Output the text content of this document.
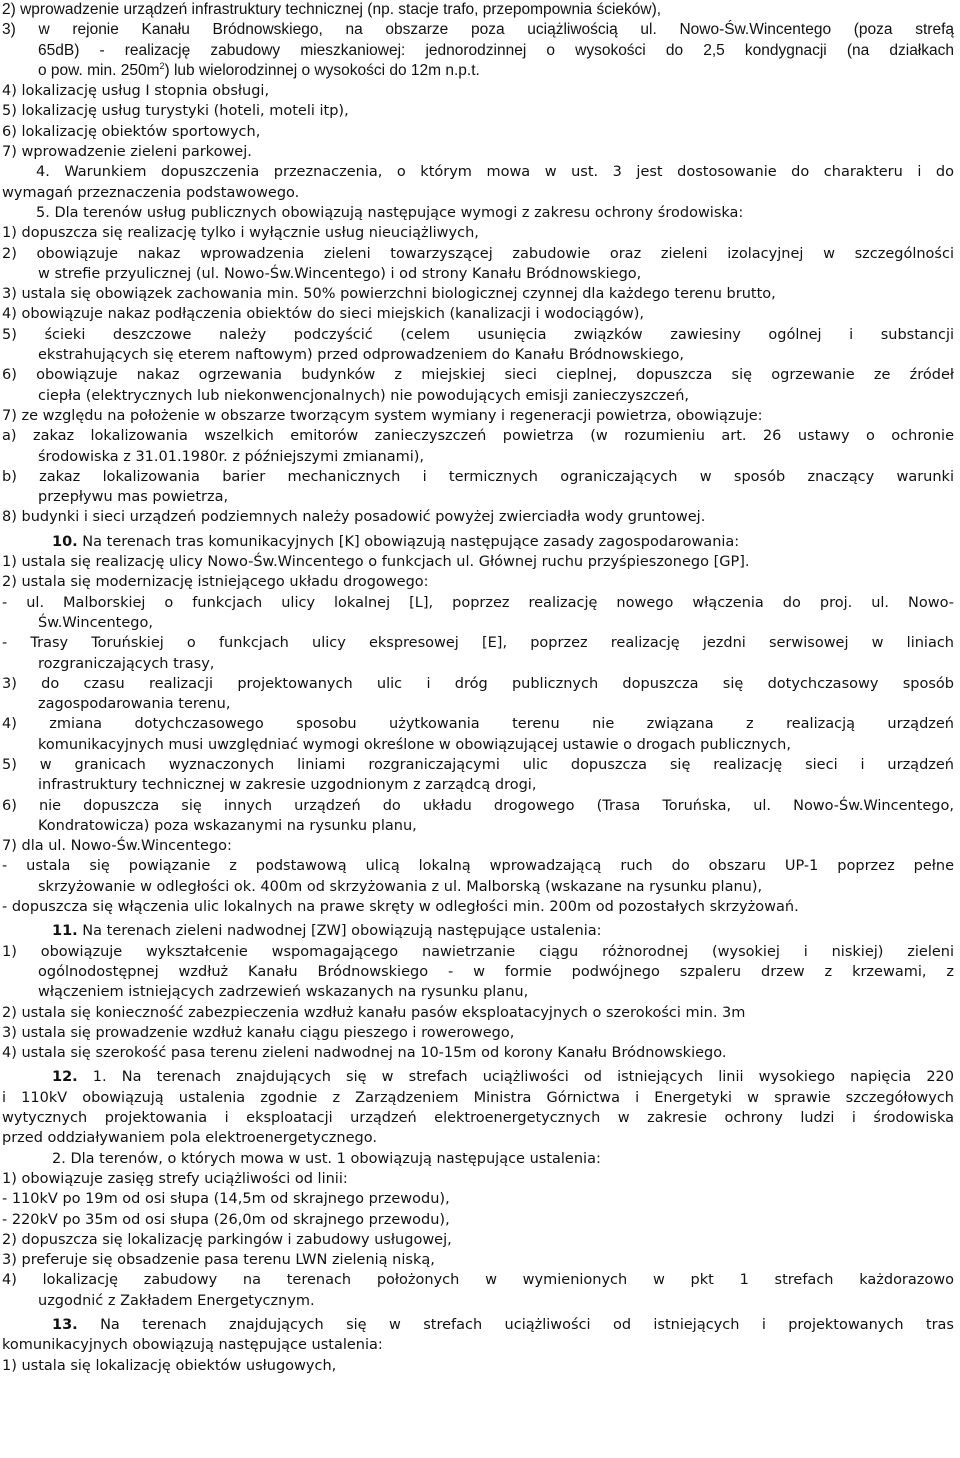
2) wprowadzenie urządzeń infrastruktury technicznej (np. stacje trafo, przepompownia ścieków),
3) w rejonie Kanału Bródnowskiego, na obszarze poza uciążliwością ul. Nowo-Św.Wincentego (poza strefą
65dB) - realizację zabudowy mieszkaniowej: jednorodzinnej o wysokości do 2,5 kondygnacji (na działkach
o pow. min. $250m^2$) lub wielorodzinnej o wysokości do 12m n.p.t.
4) lokalizację usług I stopnia obsługi,
5) lokalizację usług turystyki (hoteli, moteli itp),
6) lokalizację obiektów sportowych,
7) wprowadzenie zieleni parkowej.
4. Warunkiem dopuszczenia przeznaczenia, o którym mowa w ust. 3 jest dostosowanie do charakteru i do
wymagań przeznaczenia podstawowego.
5. Dla terenów usług publicznych obowiązują następujące wymogi z zakresu ochrony środowiska:
1) dopuszcza się realizację tylko i wyłącznie usług nieuciążliwych,
2) obowiązuje nakaz wprowadzenia zieleni towarzyszącej zabudowie oraz zieleni izolacyjnej w szczególności
w strefie przyulicznej (ul. Nowo-Św.Wincentego) i od strony Kanału Bródnowskiego,
3) ustala się obowiązek zachowania min. 50% powierzchni biologicznej czynnej dla każdego terenu brutto,
4) obowiązuje nakaz podłączenia obiektów do sieci miejskich (kanalizacji i wodociągów),
5) ścieki deszczowe należy podczyścić (celem usunięcia związków zawiesiny ogólnej i substancji
ekstrahujących się eterem naftowym) przed odprowadzeniem do Kanału Bródnowskiego,
6) obowiązuje nakaz ogrzewania budynków z miejskiej sieci cieplnej, dopuszcza się ogrzewanie ze źródeł
ciepła (elektrycznych lub niekonwencjonalnych) nie powodujących emisji zanieczyszczeń,
7) ze względu na położenie w obszarze tworzącym system wymiany i regeneracji powietrza, obowiązuje:
a) zakaz lokalizowania wszelkich emitorów zanieczyszczeń powietrza (w rozumieniu art. 26 ustawy o ochronie
środowiska z 31.01.1980r. z późniejszymi zmianami),
b) zakaz lokalizowania barier mechanicznych i termicznych ograniczających w sposób znaczący warunki
przepływu mas powietrza,
8) budynki i sieci urządzeń podziemnych należy posadowić powyżej zwierciadła wody gruntowej.
10. Na terenach tras komunikacyjnych [K] obowiązują następujące zasady zagospodarowania:
1) ustala się realizację ulicy Nowo-Św.Wincentego o funkcjach ul. Głównej ruchu przyśpieszonego [GP].
2) ustala się modernizację istniejącego układu drogowego:
- ul. Malborskiej o funkcjach ulicy lokalnej [L], poprzez realizację nowego włączenia do proj. ul. Nowo-
Św.Wincentego,
- Trasy Toruńskiej o funkcjach ulicy ekspresowej [E], poprzez realizację jezdni serwisowej w liniach
rozgraniczających trasy,
3) do czasu realizacji projektowanych ulic i dróg publicznych dopuszcza się dotychczasowy sposób
zagospodarowania terenu,
4) zmiana dotychczasowego sposobu użytkowania terenu nie związana z realizacją urządzeń
komunikacyjnych musi uwzględniać wymogi określone w obowiązującej ustawie o drogach publicznych,
5) w granicach wyznaczonych liniami rozgraniczającymi ulic dopuszcza się realizację sieci i urządzeń
infrastruktury technicznej w zakresie uzgodnionym z zarządcą drogi,
6) nie dopuszcza się innych urządzeń do układu drogowego (Trasa Toruńska, ul. Nowo-Św.Wincentego,
Kondratowicza) poza wskazanymi na rysunku planu,
7) dla ul. Nowo-Św.Wincentego:
- ustala się powiązanie z podstawową ulicą lokalną wprowadzającą ruch do obszaru UP-1 poprzez pełne
skrzyżowanie w odległości ok. 400m od skrzyżowania z ul. Malborską (wskazane na rysunku planu),
- dopuszcza się włączenia ulic lokalnych na prawe skręty w odległości min. 200m od pozostałych skrzyżowań.
11. Na terenach zieleni nadwodnej [ZW] obowiązują następujące ustalenia:
1) obowiązuje wykształcenie wspomagającego nawietrzanie ciągu różnorodnej (wysokiej i niskiej) zieleni
ogólnodostępnej wzdłuż Kanału Bródnowskiego - w formie podwójnego szpaleru drzew z krzewami, z
włączeniem istniejących zadrzewień wskazanych na rysunku planu,
2) ustala się konieczność zabezpieczenia wzdłuż kanału pasów eksploatacyjnych o szerokości min. 3m
3) ustala się prowadzenie wzdłuż kanału ciągu pieszego i rowerowego,
4) ustala się szerokość pasa terenu zieleni nadwodnej na 10-15m od korony Kanału Bródnowskiego.
12. 1. Na terenach znajdujących się w strefach uciążliwości od istniejących linii wysokiego napięcia 220
i 110kV obowiązują ustalenia zgodnie z Zarządzeniem Ministra Górnictwa i Energetyki w sprawie szczegółowych
wytycznych projektowania i eksploatacji urządzeń elektroenergetycznych w zakresie ochrony ludzi i środowiska
przed oddziaływaniem pola elektroenergetycznego.
2. Dla terenów, o których mowa w ust. 1 obowiązują następujące ustalenia:
1) obowiązuje zasięg strefy uciążliwości od linii:
- 110kV po 19m od osi słupa (14,5m od skrajnego przewodu),
- 220kV po 35m od osi słupa (26,0m od skrajnego przewodu),
2) dopuszcza się lokalizację parkingów i zabudowy usługowej,
3) preferuje się obsadzenie pasa terenu LWN zielenią niską,
4) lokalizację zabudowy na terenach położonych w wymienionych w pkt 1 strefach każdorazowo
uzgodnić z Zakładem Energetycznym.
13. Na terenach znajdujących się w strefach uciążliwości od istniejących i projektowanych tras
komunikacyjnych obowiązują następujące ustalenia:
1) ustala się lokalizację obiektów usługowych,
